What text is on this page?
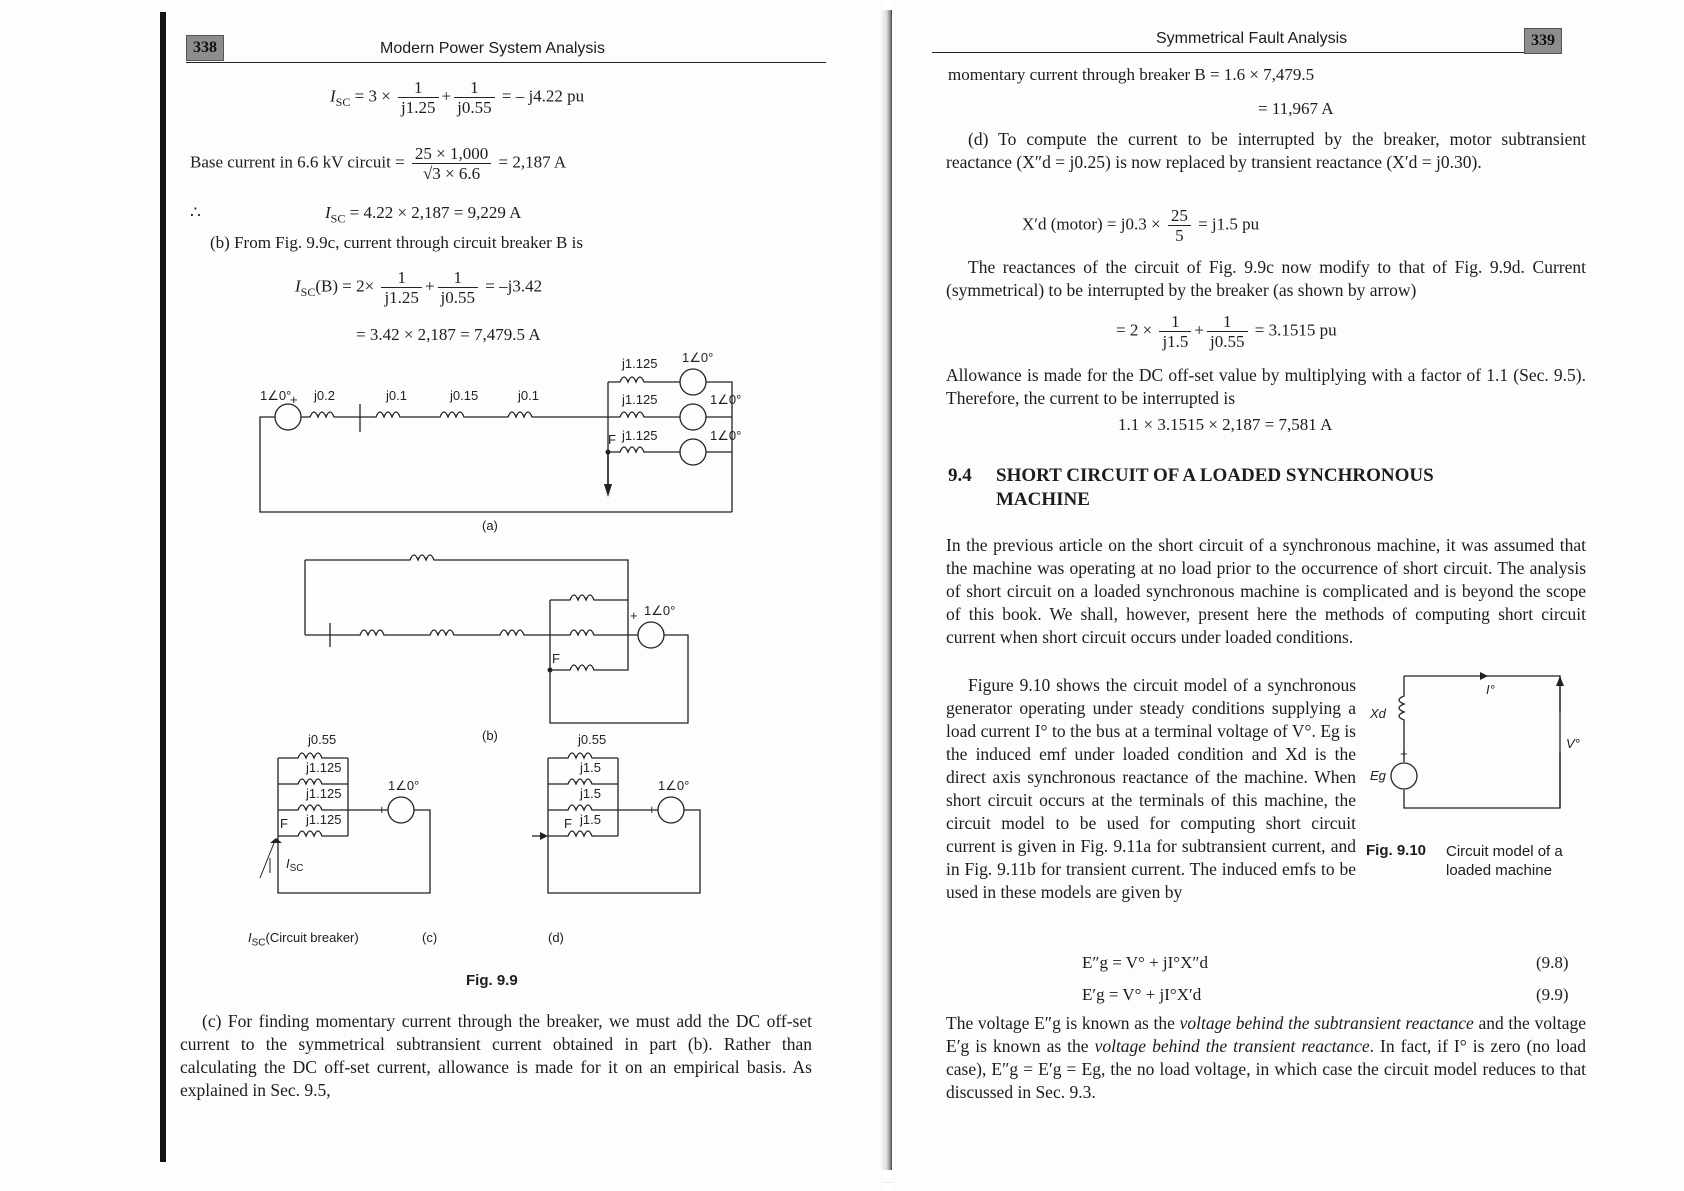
338	Modern Power System Analysis
$I_{SC} = 3 \times \frac{1}{j1.25} + \frac{1}{j0.55}$ = – j4.22 pu
Base current in 6.6 kV circuit = $\frac{25 \times 1,000}{√3 \times 6.6} = 2,187$ A
∴	$I_{SC} = 4.22 \times 2,187 = 9,229$ A
(b) From Fig. 9.9c, current through circuit breaker B is
$I_{SC}(B) = 2\times \frac{1}{j1.25} + \frac{1}{j0.55} = -j3.42$
= 3.42 × 2,187 = 7,479.5 A
1∠0°
+ j0.2	j0.1	j0.15	j0.1
j1.125
j1.125
j1.125
1∠0°
1∠0°
1∠0°
F
(a)
+ 1∠0°
F
(b)
j0.55
j1.125
j1.125
j1.125
1∠0°
+
F
$I_{SC}$
$I_{SC}(Circuit$ breaker)	(c)
j0.55
j1.5
j1.5
j1.5
1∠0°
+
F
(d)
Fig. 9.9
(c) For finding momentary current through the breaker, we must add the DC off-set current to the symmetrical subtransient current obtained in part (b). Rather than calculating the DC off-set current, allowance is made for it on an empirical basis. As explained in Sec. 9.5,
Symmetrical Fault Analysis	339
momentary current through breaker B = 1.6 × 7,479.5
= 11,967 A
(d) To compute the current to be interrupted by the breaker, motor subtransient reactance (X″d = j0.25) is now replaced by transient reactance (X′d = j0.30).
X′d (motor) = $j0.3 \times \frac{25}{5} = j1.5$ pu
The reactances of the circuit of Fig. 9.9c now modify to that of Fig. 9.9d. Current (symmetrical) to be interrupted by the breaker (as shown by arrow)
= $2 \times \frac{1}{j1.5} + \frac{1}{j0.55} = 3.1515$ pu
Allowance is made for the DC off-set value by multiplying with a factor of 1.1 (Sec. 9.5). Therefore, the current to be interrupted is
1.1 × 3.1515 × 2,187 = 7,581 A
9.4 SHORT CIRCUIT OF A LOADED SYNCHRONOUS
MACHINE
In the previous article on the short circuit of a synchronous machine, it was assumed that the machine was operating at no load prior to the occurrence of short circuit. The analysis of short circuit on a loaded synchronous machine is complicated and is beyond the scope of this book. We shall, however, present here the methods of computing short circuit current when short circuit occurs under loaded conditions.
Figure 9.10 shows the circuit model of a synchronous generator operating under steady conditions supplying a load current I° to the bus at a terminal voltage of V°. Eg is the induced emf under loaded condition and Xd is the direct axis synchronous reactance of the machine. When short circuit occurs at the terminals of this machine, the circuit model to be used for computing short circuit current is given in Fig. 9.11a for subtransient current, and in Fig. 9.11b for transient current. The induced emfs to be used in these models are given by
Xd
Eg
+
I°
V°
Fig. 9.10 Circuit model of a loaded machine
E″g = V° + jI°X″d	(9.8)
E′g = V° + jI°X′d	(9.9)
The voltage E″g is known as the voltage behind the subtransient reactance and the voltage E′g is known as the voltage behind the transient reactance. In fact, if I° is zero (no load case), E″g = E′g = Eg, the no load voltage, in which case the circuit model reduces to that discussed in Sec. 9.3.
